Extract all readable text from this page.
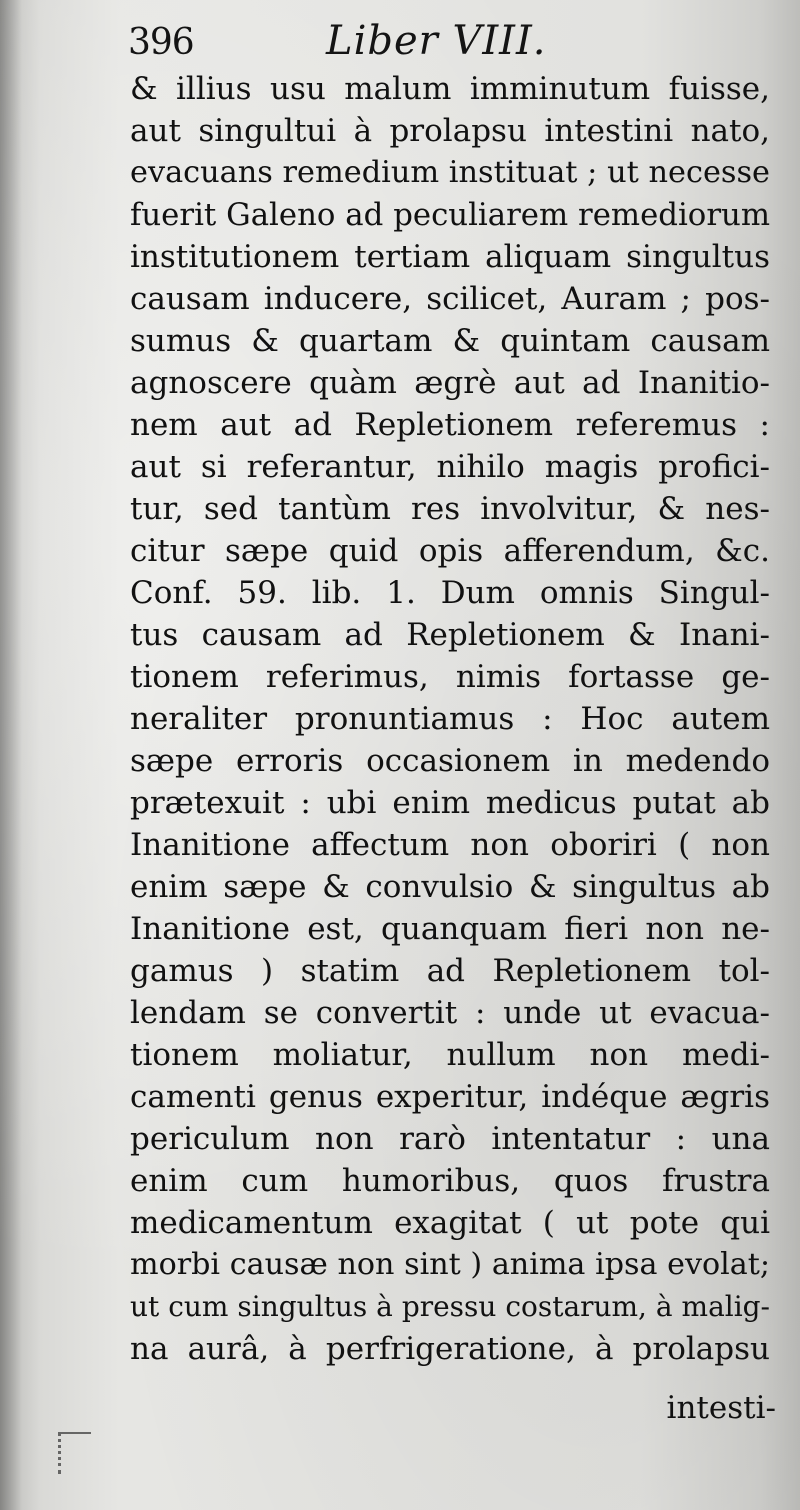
396	Liber VIII.
& illius usu malum imminutum fuisse,
aut singultui à prolapsu intestini nato,
evacuans remedium instituat ; ut necesse
fuerit Galeno ad peculiarem remediorum
institutionem tertiam aliquam singultus
causam inducere, scilicet, Auram ; pos-
sumus & quartam & quintam causam
agnoscere quàm ægrè aut ad Inanitio-
nem aut ad Repletionem referemus :
aut si referantur, nihilo magis profici-
tur, sed tantùm res involvitur, & nes-
citur sæpe quid opis afferendum, &c.
Conf. 59. lib. 1. Dum omnis Singul-
tus causam ad Repletionem & Inani-
tionem referimus, nimis fortasse ge-
neraliter pronuntiamus : Hoc autem
sæpe erroris occasionem in medendo
prætexuit : ubi enim medicus putat ab
Inanitione affectum non oboriri ( non
enim sæpe & convulsio & singultus ab
Inanitione est, quanquam fieri non ne-
gamus ) statim ad Repletionem tol-
lendam se convertit : unde ut evacua-
tionem moliatur, nullum non medi-
camenti genus experitur, indéque ægris
periculum non rarò intentatur : una
enim cum humoribus, quos frustra
medicamentum exagitat ( ut pote qui
morbi causæ non sint ) anima ipsa evolat;
ut cum singultus à pressu costarum, à malig-
na aurâ, à perfrigeratione, à prolapsu
intesti-
